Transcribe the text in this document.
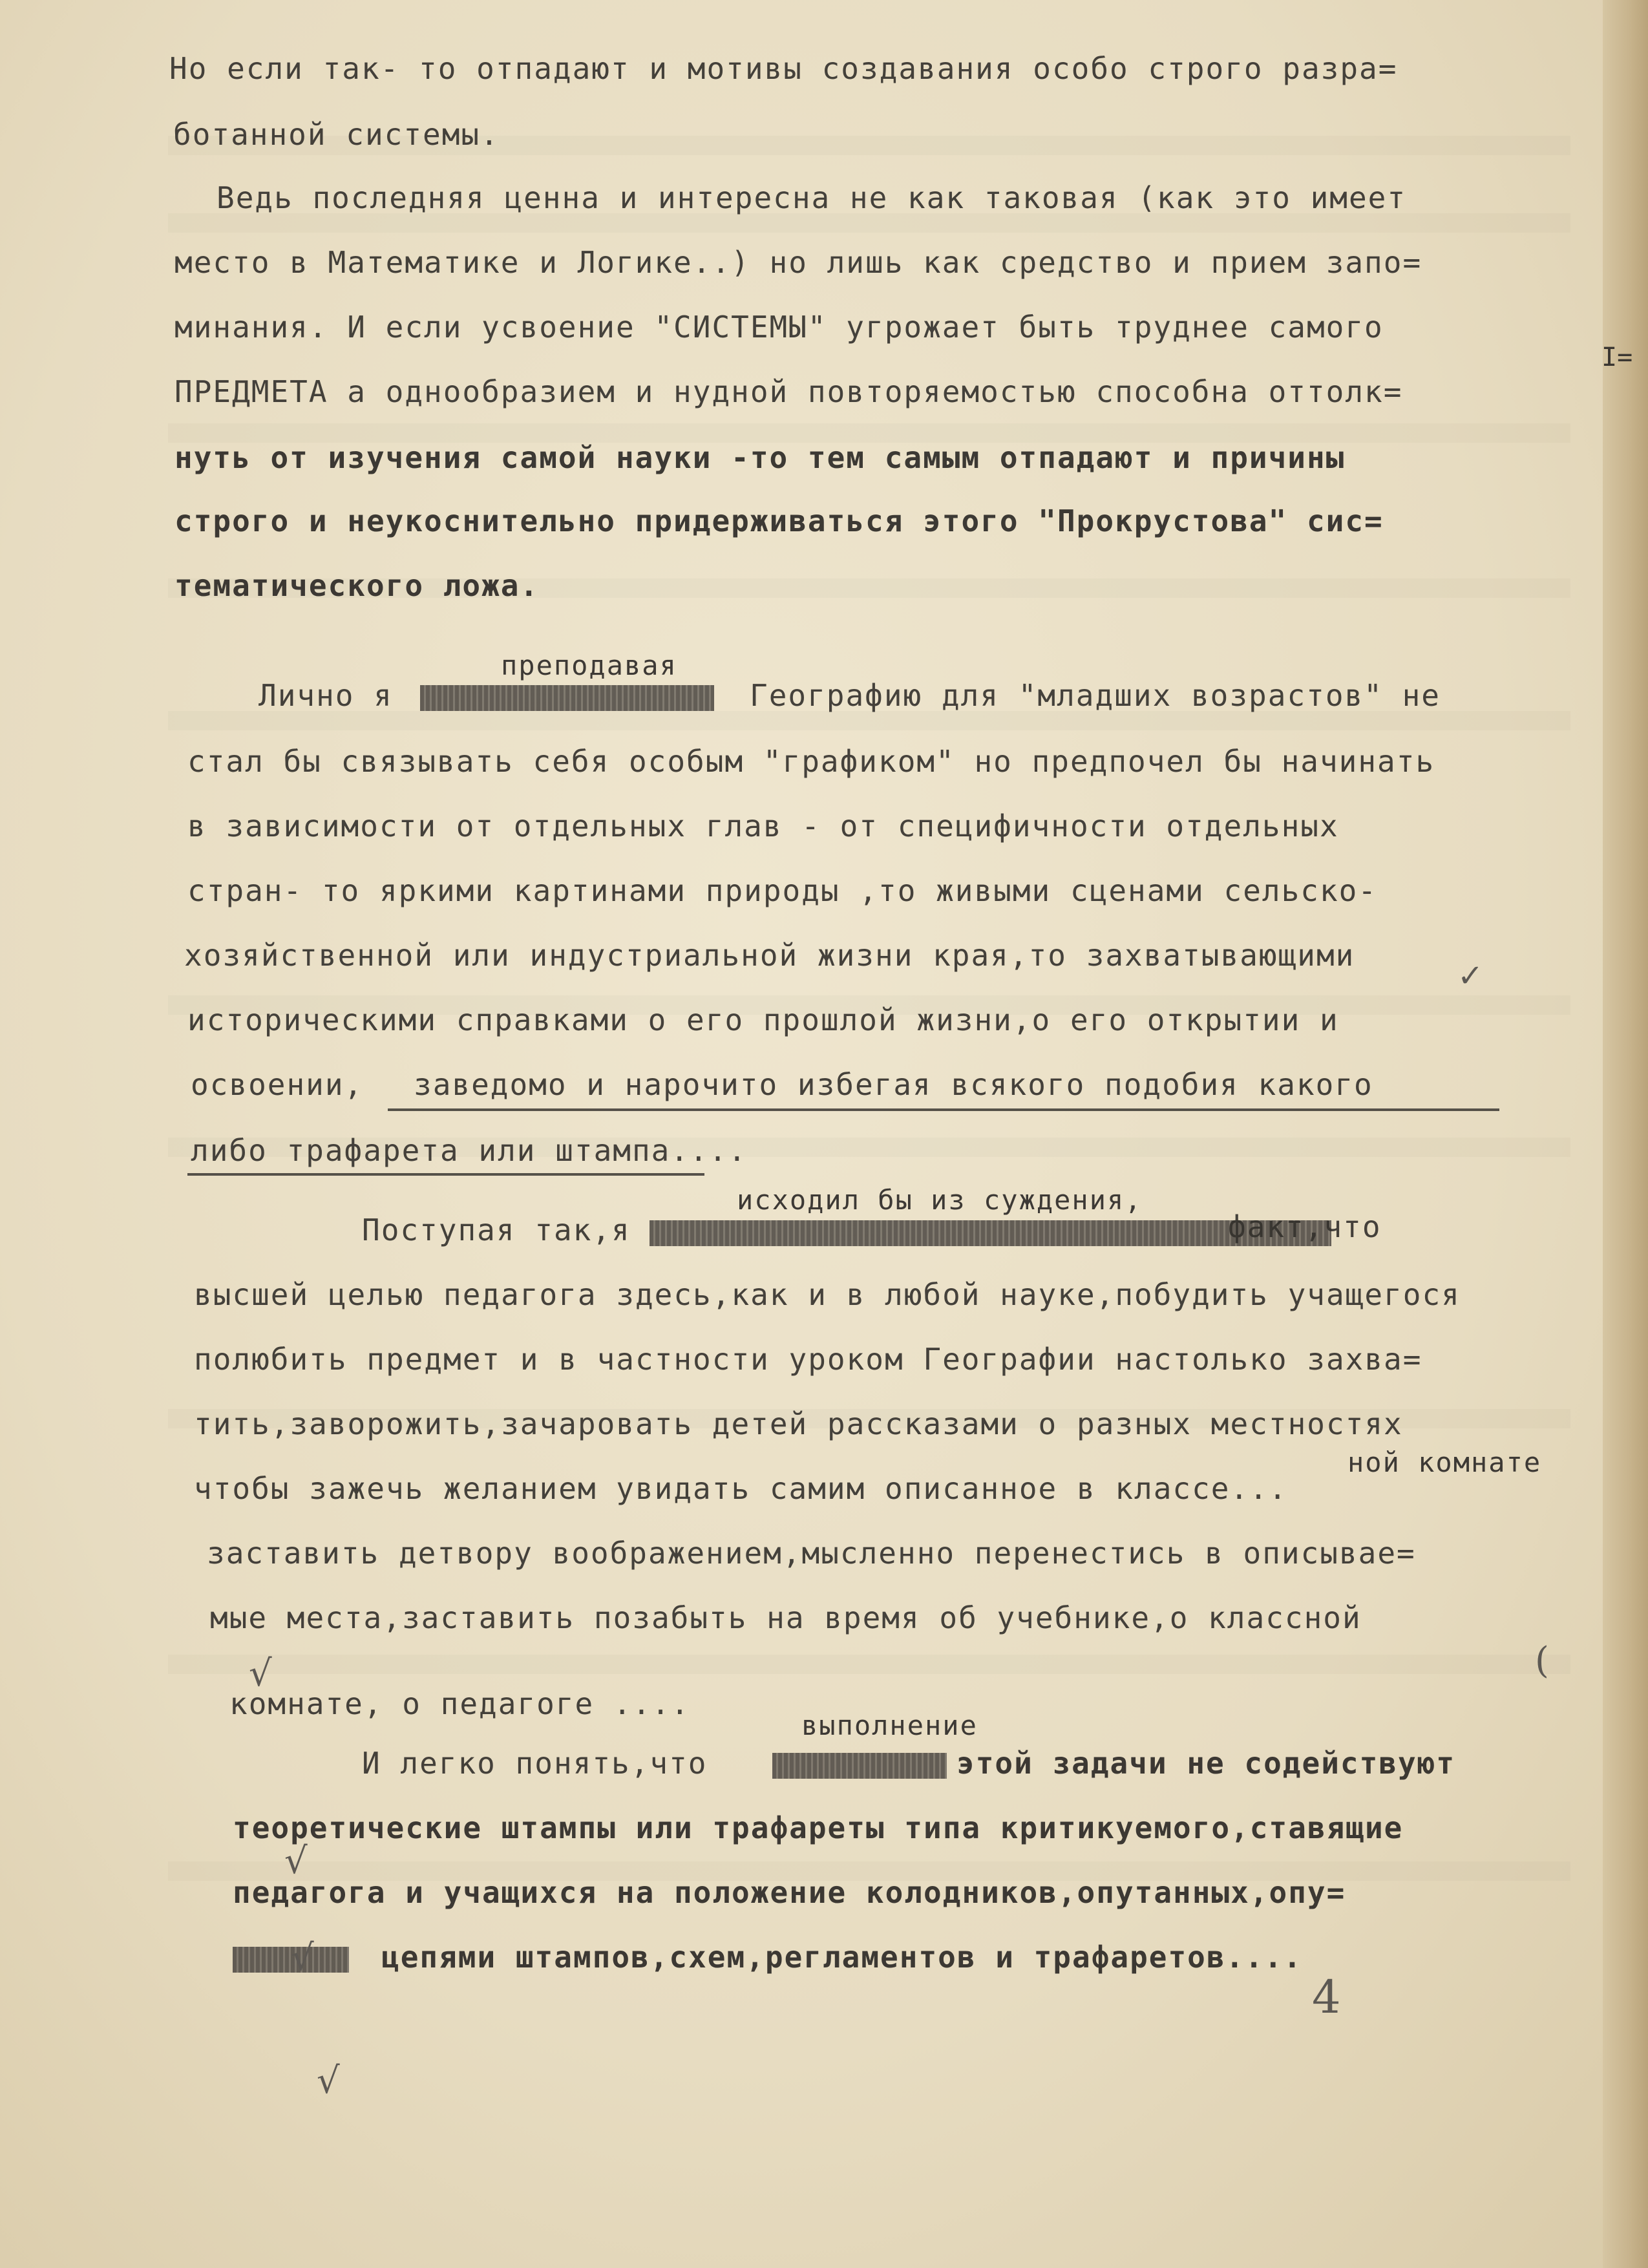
Но если так- то отпадают и мотивы создавания особо строго разра=
ботанной системы.
Ведь последняя ценна и интересна не как таковая (как это имеет
место в Математике и Логике..) но лишь как средство и прием запо=
минания. И если усвоение "СИСТЕМЫ" угрожает быть труднее самого
ПРЕДМЕТА а однообразием и нудной повторяемостью способна оттолк=
нуть от изучения самой науки -то тем самым отпадают и причины
строго и неукоснительно придерживаться этого "Прокрустова" сис=
тематического ложа.
преподавая
Лично я	Географию для "младших возрастов" не
стал бы связывать себя особым "графиком" но предпочел бы начинать
в зависимости от отдельных глав - от специфичности отдельных
стран- то яркими картинами природы ,то живыми сценами сельско-
хозяйственной или индустриальной жизни края,то захватывающими
историческими справками о его прошлой жизни,о его открытии и
освоении, заведомо и нарочито избегая всякого подобия какого
либо трафарета или штампа....
исходил бы из суждения,
Поступая так,я	факт,что
высшей целью педагога здесь,как и в любой науке,побудить учащегося
полюбить предмет и в частности уроком Географии настолько захва=
тить,заворожить,зачаровать детей рассказами о разных местностях
чтобы зажечь желанием увидать самим описанное в классе...
ной комнате
заставить детвору воображением,мысленно перенестись в описывае=
мые места,заставить позабыть на время об учебнике,о классной
комнате, о педагоге ....
выполнение
И легко понять,что	этой задачи не содействуют
теоретические штампы или трафареты типа критикуемого,ставящие
педагога и учащихся на положение колодников,опутанных,опу=
цепями штампов,схем,регламентов и трафаретов....
I=
✓
(
4
√
√
√
√
